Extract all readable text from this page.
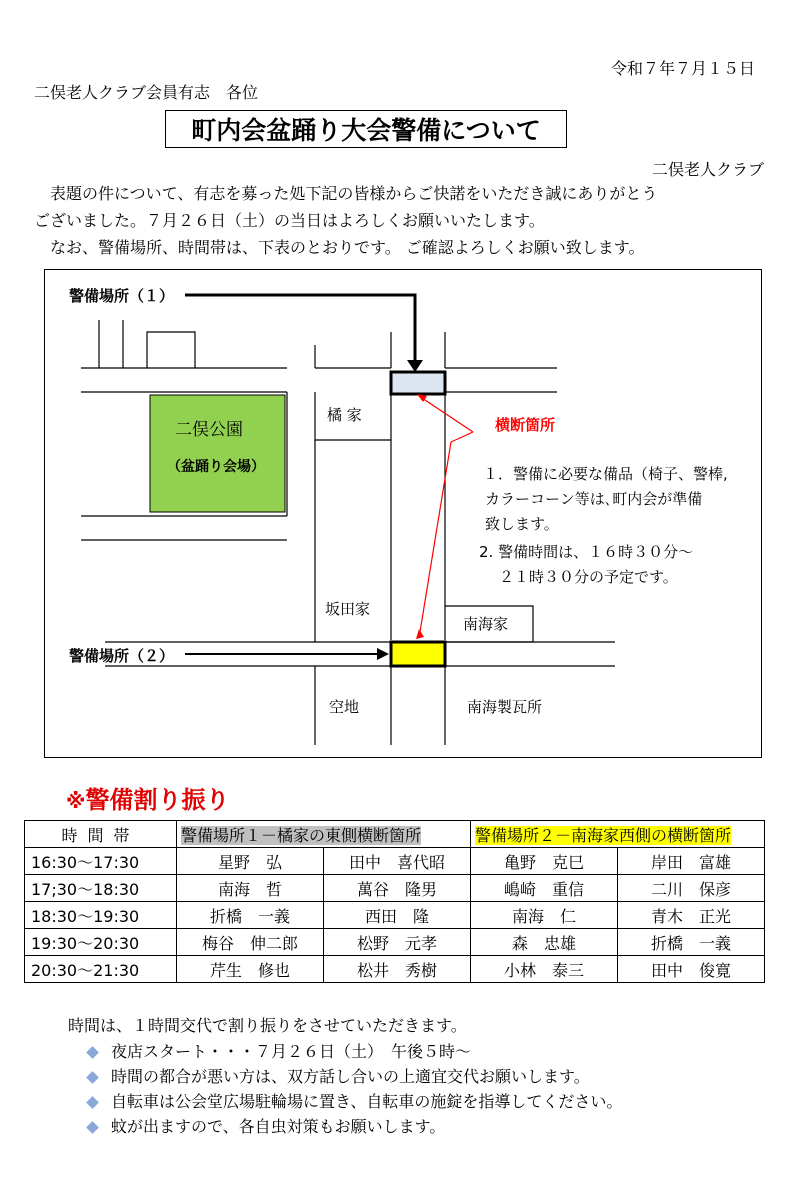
令和７年７月１５日
二俣老人クラブ会員有志　各位
町内会盆踊り大会警備について
二俣老人クラブ
　表題の件について、有志を募った処下記の皆様からご快諾をいただき誠にありがとう
ございました。７月２６日（土）の当日はよろしくお願いいたします。
　なお、警備場所、時間帯は、下表のとおりです。 ご確認よろしくお願い致します。
警備場所（１）
警備場所（２）
二俣公園
（盆踊り会場）
橘 家
坂田家
南海家
空地	南海製瓦所
横断箇所
１．警備に必要な備品（椅子、警棒,
カラーコーン等は､町内会が準備
致します。
2. 警備時間は、１６時３０分～
２１時３０分の予定です。
※警備割り振り
時間帯	警備場所１－橘家の東側横断箇所		警備場所２－南海家西側の横断箇所	
16:30～17:30	星野　弘	田中　喜代昭	亀野　克巳	岸田　富雄
17;30～18:30	南海　哲	萬谷　隆男	嶋崎　重信	二川　保彦
18:30～19:30	折橋　一義	西田　隆	南海　仁	青木　正光
19:30～20:30	梅谷　伸二郎	松野　元孝	森　忠雄	折橋　一義
20:30～21:30	芹生　修也	松井　秀樹	小林　泰三	田中　俊寛
時間は、１時間交代で割り振りをさせていただきます。
夜店スタート・・・７月２６日（土）　午後５時～
時間の都合が悪い方は、双方話し合いの上適宜交代お願いします。
自転車は公会堂広場駐輪場に置き、自転車の施錠を指導してください。
蚊が出ますので、各自虫対策もお願いします。
